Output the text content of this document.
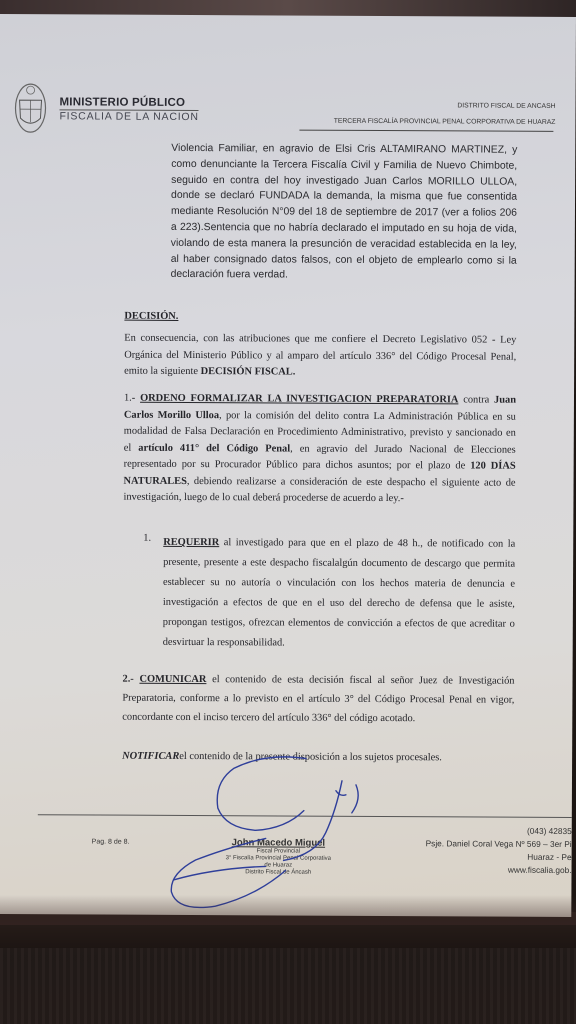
MINISTERIO PÚBLICO
FISCALIA DE LA NACION
DISTRITO FISCAL DE ANCASH
TERCERA FISCALÍA PROVINCIAL PENAL CORPORATIVA DE HUARAZ
Violencia Familiar, en agravio de Elsi Cris ALTAMIRANO MARTINEZ, y como denunciante la Tercera Fiscalía Civil y Familia de Nuevo Chimbote, seguido en contra del hoy investigado Juan Carlos MORILLO ULLOA, donde se declaró FUNDADA la demanda, la misma que fue consentida mediante Resolución N°09 del 18 de septiembre de 2017 (ver a folios 206 a 223).Sentencia que no habría declarado el imputado en su hoja de vida, violando de esta manera la presunción de veracidad establecida en la ley, al haber consignado datos falsos, con el objeto de emplearlo como si la declaración fuera verdad.
DECISIÓN.
En consecuencia, con las atribuciones que me confiere el Decreto Legislativo 052 - Ley Orgánica del Ministerio Público y al amparo del artículo 336° del Código Procesal Penal, emito la siguiente DECISIÓN FISCAL.
1.- ORDENO FORMALIZAR LA INVESTIGACION PREPARATORIA contra Juan Carlos Morillo Ulloa, por la comisión del delito contra La Administración Pública en su modalidad de Falsa Declaración en Procedimiento Administrativo, previsto y sancionado en el artículo 411° del Código Penal, en agravio del Jurado Nacional de Elecciones representado por su Procurador Público para dichos asuntos; por el plazo de 120 DÍAS NATURALES, debiendo realizarse a consideración de este despacho el siguiente acto de investigación, luego de lo cual deberá procederse de acuerdo a ley.-
1. REQUERIR al investigado para que en el plazo de 48 h., de notificado con la presente, presente a este despacho fiscalalgún documento de descargo que permita establecer su no autoría o vinculación con los hechos materia de denuncia e investigación a efectos de que en el uso del derecho de defensa que le asiste, propongan testigos, ofrezcan elementos de convicción a efectos de que acreditar o desvirtuar la responsabilidad.
2.- COMUNICAR el contenido de esta decisión fiscal al señor Juez de Investigación Preparatoria, conforme a lo previsto en el artículo 3° del Código Procesal Penal en vigor, concordante con el inciso tercero del artículo 336° del código acotado.
NOTIFICARel contenido de la presente disposición a los sujetos procesales.
Pag. 8 de 8.	John Macedo Miguel
Fiscal Provincial
3° Fiscalía Provincial Penal Corporativa
de Huaraz
Distrito Fiscal de Áncash
(043) 42835
Psje. Daniel Coral Vega Nº 569 – 3er Pi
Huaraz - Pe
www.fiscalia.gob.
